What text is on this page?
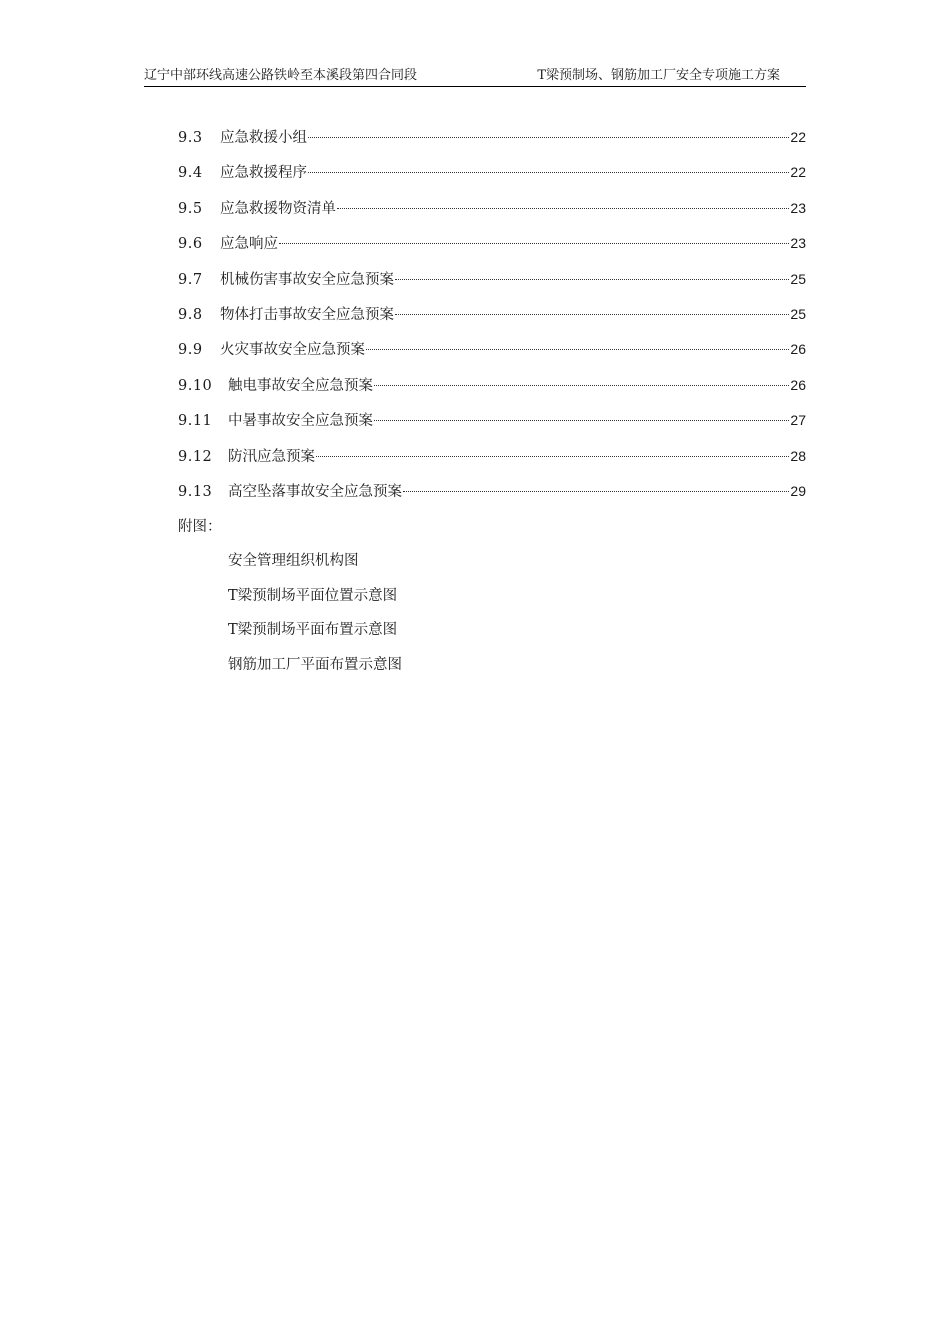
辽宁中部环线高速公路铁岭至本溪段第四合同段	T梁预制场、钢筋加工厂安全专项施工方案
9.3	应急救援小组	22
9.4	应急救援程序	22
9.5	应急救援物资清单	23
9.6	应急响应	23
9.7	机械伤害事故安全应急预案	25
9.8	物体打击事故安全应急预案	25
9.9	火灾事故安全应急预案	26
9.10	触电事故安全应急预案	26
9.11	中暑事故安全应急预案	27
9.12	防汛应急预案	28
9.13	高空坠落事故安全应急预案	29
附图：
安全管理组织机构图
T梁预制场平面位置示意图
T梁预制场平面布置示意图
钢筋加工厂平面布置示意图
